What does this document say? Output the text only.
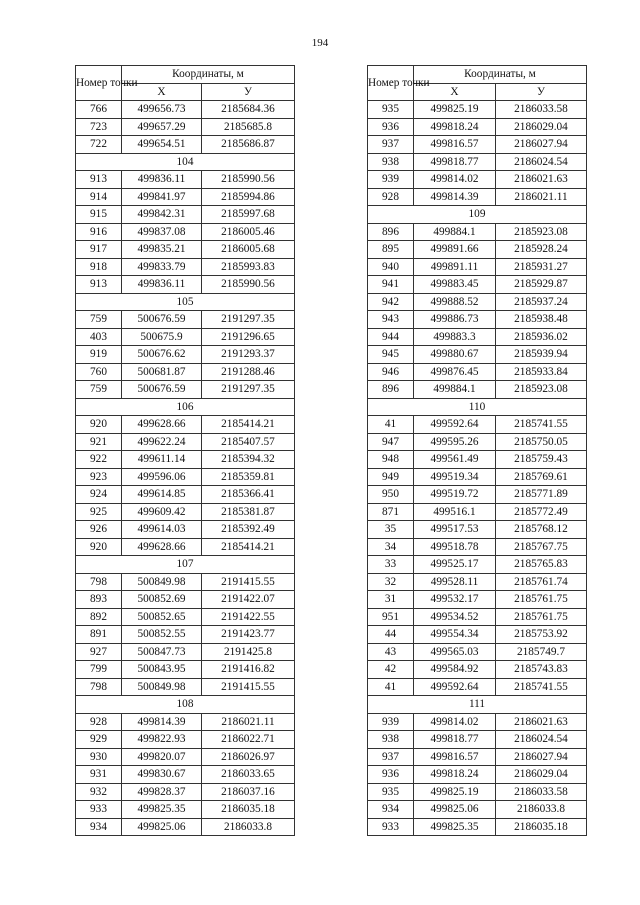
194
Номер точки	Координаты, м	
	Х	У
766	499656.73	2185684.36
723	499657.29	2185685.8
722	499654.51	2185686.87
104		
913	499836.11	2185990.56
914	499841.97	2185994.86
915	499842.31	2185997.68
916	499837.08	2186005.46
917	499835.21	2186005.68
918	499833.79	2185993.83
913	499836.11	2185990.56
105		
759	500676.59	2191297.35
403	500675.9	2191296.65
919	500676.62	2191293.37
760	500681.87	2191288.46
759	500676.59	2191297.35
106		
920	499628.66	2185414.21
921	499622.24	2185407.57
922	499611.14	2185394.32
923	499596.06	2185359.81
924	499614.85	2185366.41
925	499609.42	2185381.87
926	499614.03	2185392.49
920	499628.66	2185414.21
107		
798	500849.98	2191415.55
893	500852.69	2191422.07
892	500852.65	2191422.55
891	500852.55	2191423.77
927	500847.73	2191425.8
799	500843.95	2191416.82
798	500849.98	2191415.55
108		
928	499814.39	2186021.11
929	499822.93	2186022.71
930	499820.07	2186026.97
931	499830.67	2186033.65
932	499828.37	2186037.16
933	499825.35	2186035.18
934	499825.06	2186033.8
Номер точки	Координаты, м	
	Х	У
935	499825.19	2186033.58
936	499818.24	2186029.04
937	499816.57	2186027.94
938	499818.77	2186024.54
939	499814.02	2186021.63
928	499814.39	2186021.11
109		
896	499884.1	2185923.08
895	499891.66	2185928.24
940	499891.11	2185931.27
941	499883.45	2185929.87
942	499888.52	2185937.24
943	499886.73	2185938.48
944	499883.3	2185936.02
945	499880.67	2185939.94
946	499876.45	2185933.84
896	499884.1	2185923.08
110		
41	499592.64	2185741.55
947	499595.26	2185750.05
948	499561.49	2185759.43
949	499519.34	2185769.61
950	499519.72	2185771.89
871	499516.1	2185772.49
35	499517.53	2185768.12
34	499518.78	2185767.75
33	499525.17	2185765.83
32	499528.11	2185761.74
31	499532.17	2185761.75
951	499534.52	2185761.75
44	499554.34	2185753.92
43	499565.03	2185749.7
42	499584.92	2185743.83
41	499592.64	2185741.55
111		
939	499814.02	2186021.63
938	499818.77	2186024.54
937	499816.57	2186027.94
936	499818.24	2186029.04
935	499825.19	2186033.58
934	499825.06	2186033.8
933	499825.35	2186035.18
